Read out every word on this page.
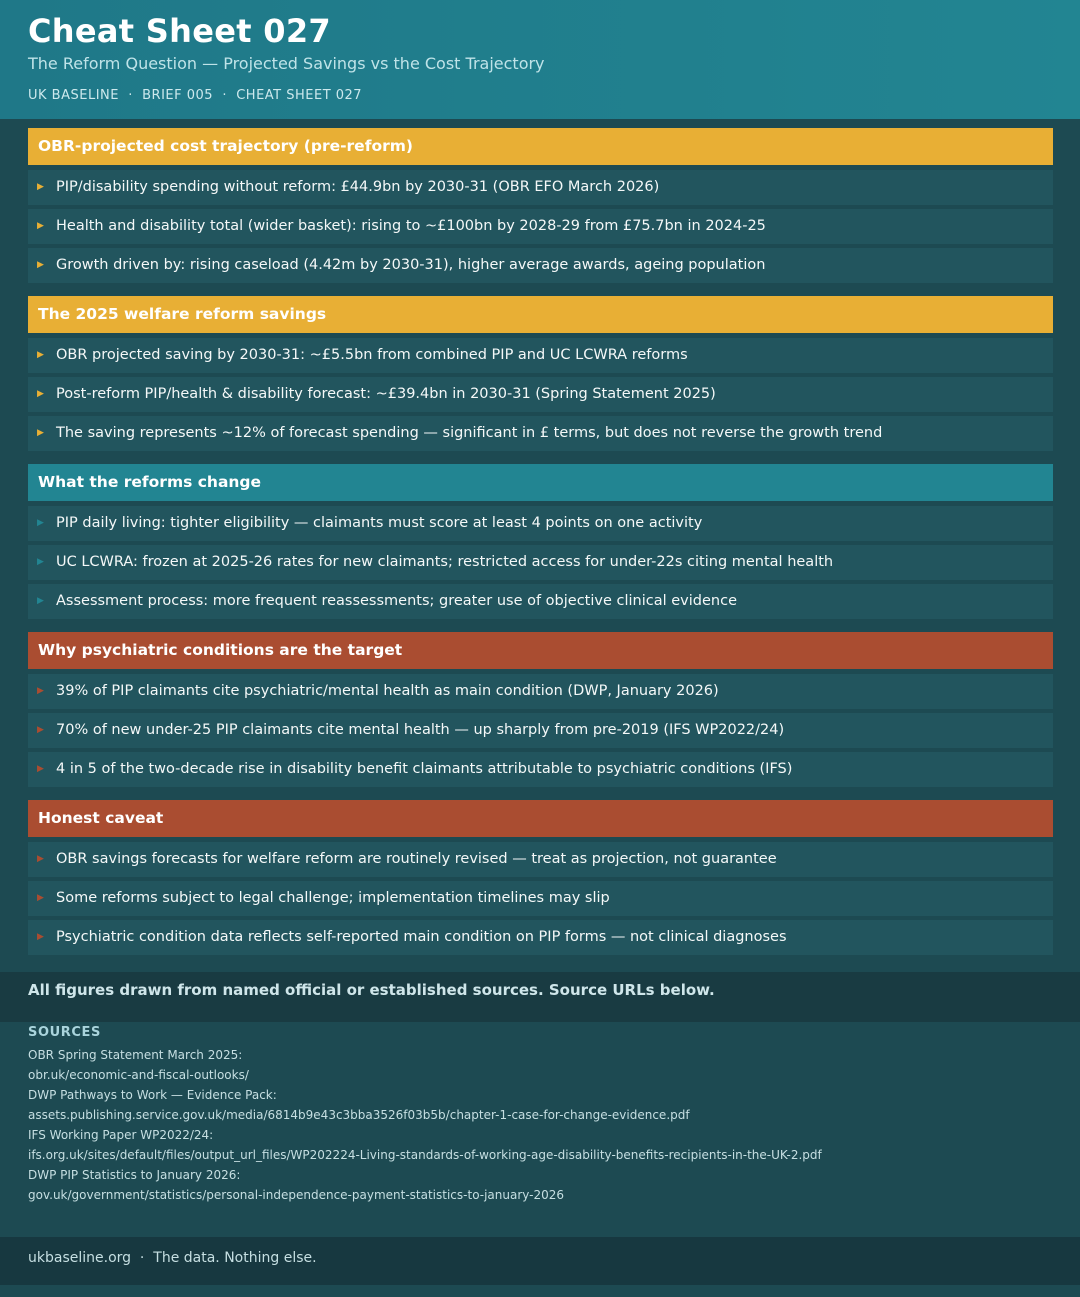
Cheat Sheet 027
The Reform Question — Projected Savings vs the Cost Trajectory
UK BASELINE  ·  BRIEF 005  ·  CHEAT SHEET 027
OBR-projected cost trajectory (pre-reform)
▶ PIP/disability spending without reform: £44.9bn by 2030-31 (OBR EFO March 2026)
▶ Health and disability total (wider basket): rising to ~£100bn by 2028-29 from £75.7bn in 2024-25
▶ Growth driven by: rising caseload (4.42m by 2030-31), higher average awards, ageing population
The 2025 welfare reform savings
▶ OBR projected saving by 2030-31: ~£5.5bn from combined PIP and UC LCWRA reforms
▶ Post-reform PIP/health & disability forecast: ~£39.4bn in 2030-31 (Spring Statement 2025)
▶ The saving represents ~12% of forecast spending — significant in £ terms, but does not reverse the growth trend
What the reforms change
▶ PIP daily living: tighter eligibility — claimants must score at least 4 points on one activity
▶ UC LCWRA: frozen at 2025-26 rates for new claimants; restricted access for under-22s citing mental health
▶ Assessment process: more frequent reassessments; greater use of objective clinical evidence
Why psychiatric conditions are the target
▶ 39% of PIP claimants cite psychiatric/mental health as main condition (DWP, January 2026)
▶ 70% of new under-25 PIP claimants cite mental health — up sharply from pre-2019 (IFS WP2022/24)
▶ 4 in 5 of the two-decade rise in disability benefit claimants attributable to psychiatric conditions (IFS)
Honest caveat
▶ OBR savings forecasts for welfare reform are routinely revised — treat as projection, not guarantee
▶ Some reforms subject to legal challenge; implementation timelines may slip
▶ Psychiatric condition data reflects self-reported main condition on PIP forms — not clinical diagnoses
All figures drawn from named official or established sources. Source URLs below.
SOURCES
OBR Spring Statement March 2025:
obr.uk/economic-and-fiscal-outlooks/
DWP Pathways to Work — Evidence Pack:
assets.publishing.service.gov.uk/media/6814b9e43c3bba3526f03b5b/chapter-1-case-for-change-evidence.pdf
IFS Working Paper WP2022/24:
ifs.org.uk/sites/default/files/output_url_files/WP202224-Living-standards-of-working-age-disability-benefits-recipients-in-the-UK-2.pdf
DWP PIP Statistics to January 2026:
gov.uk/government/statistics/personal-independence-payment-statistics-to-january-2026
ukbaseline.org  ·  The data. Nothing else.
